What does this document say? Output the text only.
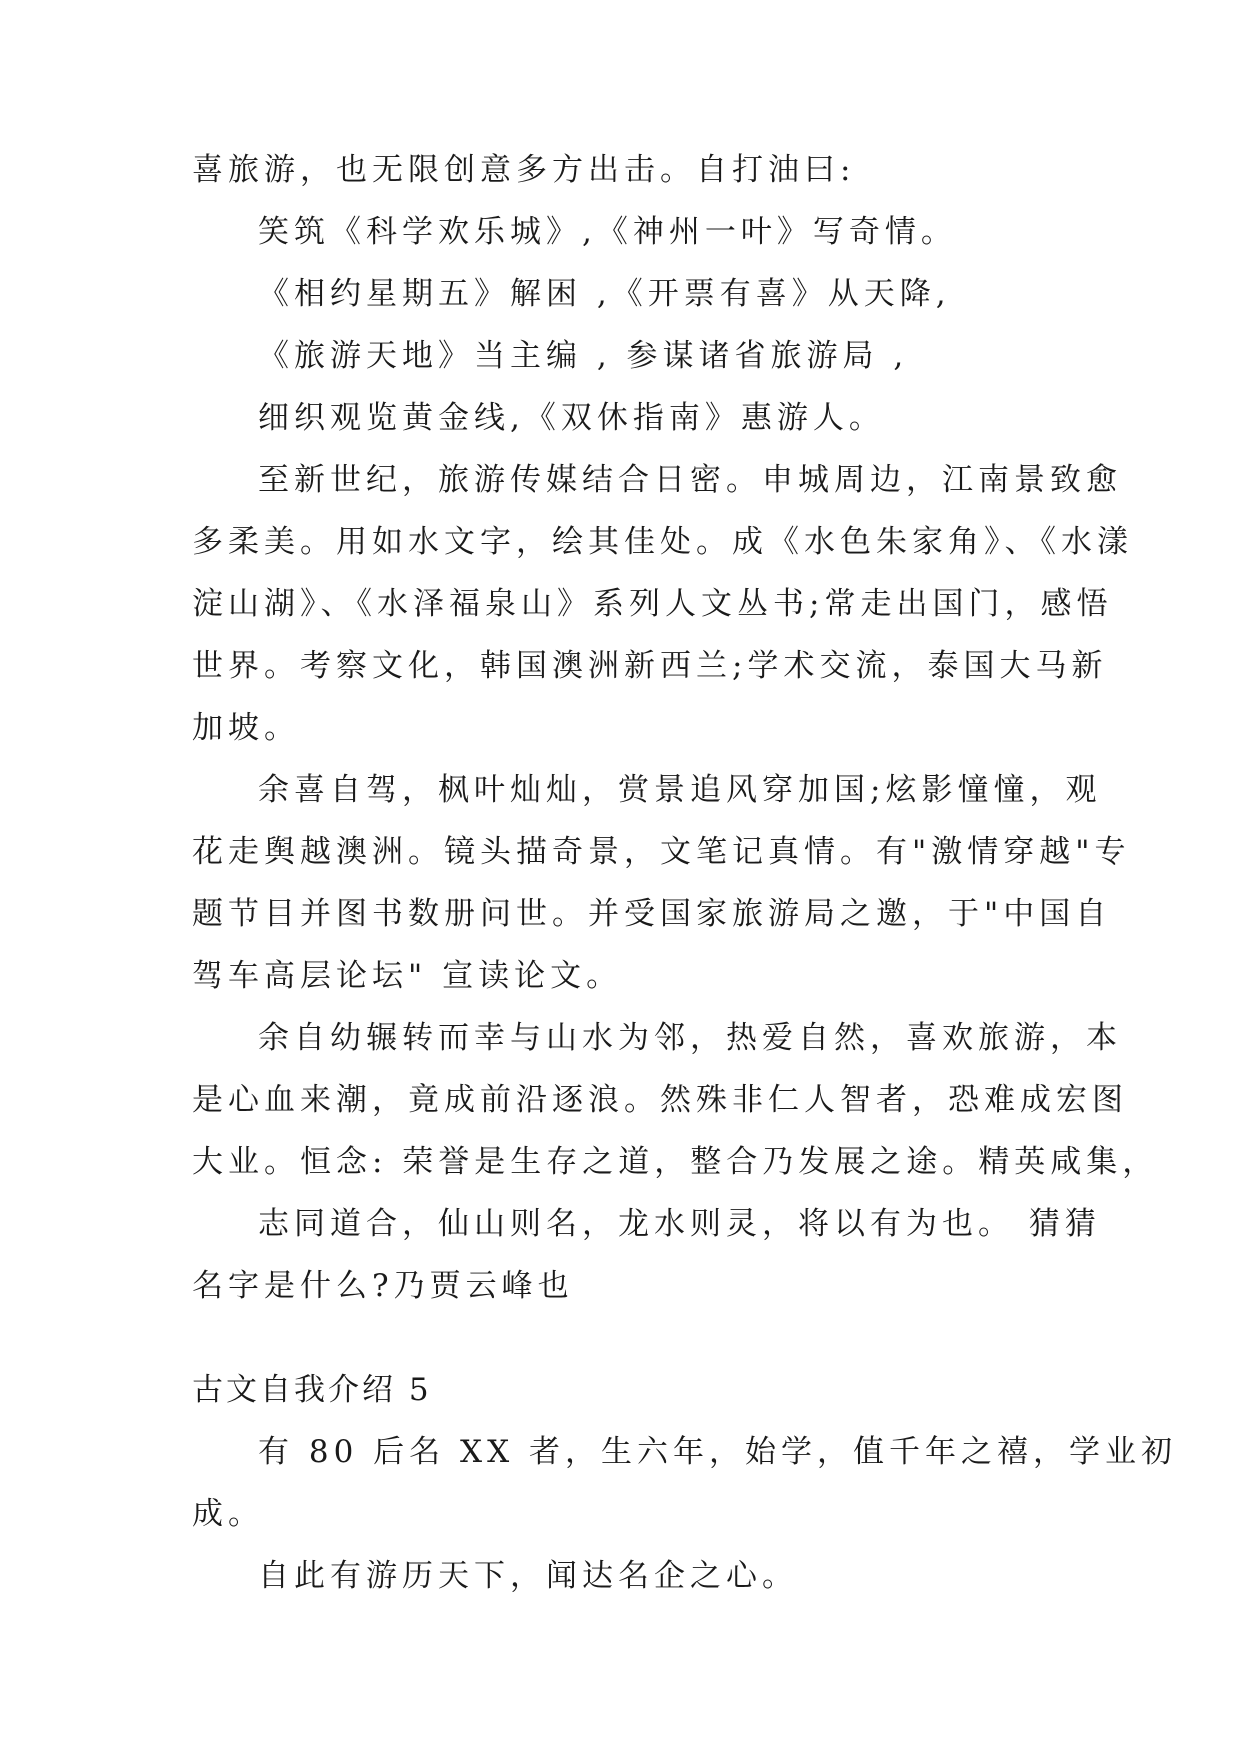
喜旅游，也无限创意多方出击。自打油曰:

笑筑《科学欢乐城》,《神州一叶》写奇情。

《相约星期五》解困 ,《开票有喜》从天降,

《旅游天地》当主编 , 参谋诸省旅游局 ,

细织观览黄金线,《双休指南》惠游人。

至新世纪，旅游传媒结合日密。申城周边，江南景致愈

多柔美。用如水文字，绘其佳处。成《水色朱家角》、《水漾

淀山湖》、《水泽福泉山》系列人文丛书;常走出国门，感悟

世界。考察文化，韩国澳洲新西兰;学术交流，泰国大马新

加坡。

余喜自驾，枫叶灿灿，赏景追风穿加国;炫影憧憧，观

花走舆越澳洲。镜头描奇景，文笔记真情。有"激情穿越"专

题节目并图书数册问世。并受国家旅游局之邀，于"中国自

驾车高层论坛" 宣读论文。

余自幼辗转而幸与山水为邻，热爱自然，喜欢旅游，本

是心血来潮，竟成前沿逐浪。然殊非仁人智者，恐难成宏图

大业。恒念: 荣誉是生存之道，整合乃发展之途。精英咸集，

志同道合，仙山则名，龙水则灵，将以有为也。 猜猜

名字是什么?乃贾云峰也

古文自我介绍 5

有 80 后名 XX 者，生六年，始学，值千年之禧，学业初

成。

自此有游历天下，闻达名企之心。
